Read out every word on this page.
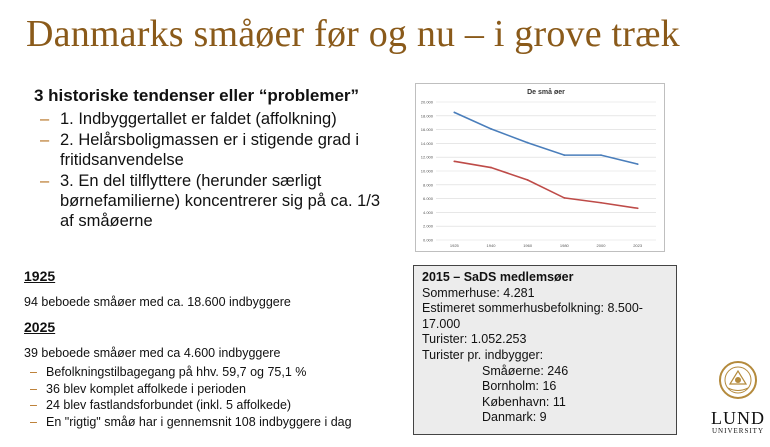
Danmarks småøer før og nu – i grove træk
3 historiske tendenser eller “problemer”
– 1. Indbyggertallet er faldet (affolkning)
– 2. Helårsboligmassen er i stigende grad i fritidsanvendelse
– 3. En del tilflyttere (herunder særligt børnefamilierne) koncentrerer sig på ca. 1/3 af småøerne
De små øer
0.000
2.000
4.000
6.000
8.000
10.000
12.000
14.000
16.000
18.000
20.000
1925	1940	1960	1980	2000	2023
1925
94 beboede småøer med ca. 18.600 indbyggere
2025
39 beboede småøer med ca 4.600 indbyggere
– Befolkningstilbagegang på hhv. 59,7 og 75,1 %
– 36 blev komplet affolkede i perioden
– 24 blev fastlandsforbundet (inkl. 5 affolkede)
– En "rigtig" småø har i gennemsnit 108 indbyggere i dag
2015 – SaDS medlemsøer
Sommerhuse: 4.281
Estimeret sommerhusbefolkning: 8.500-17.000
Turister: 1.052.253
Turister pr. indbygger:
Småøerne: 246
Bornholm: 16
København: 11
Danmark: 9	LUND
UNIVERSITY
